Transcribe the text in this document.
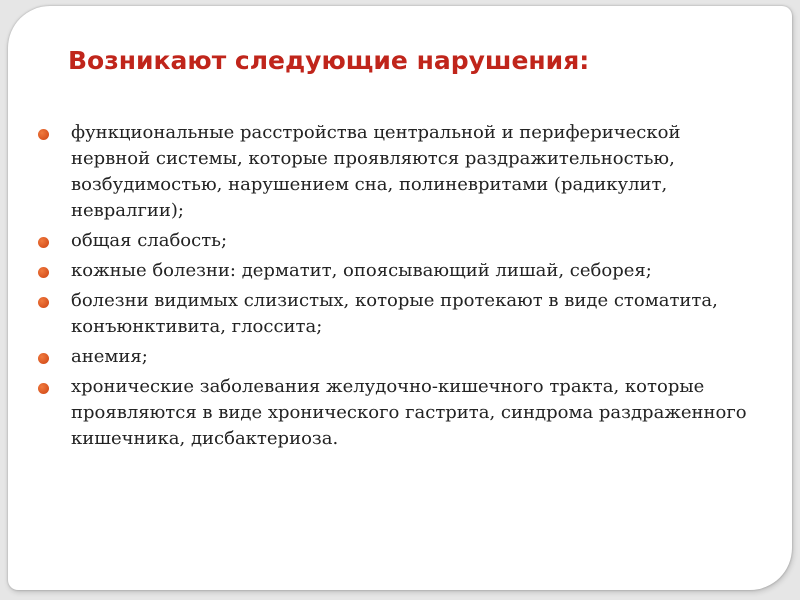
Возникают следующие нарушения:
функциональные расстройства центральной и периферической нервной системы, которые проявляются раздражительностью, возбудимостью, нарушением сна, полиневритами (радикулит, невралгии);
общая слабость;
кожные болезни: дерматит, опоясывающий лишай, себорея;
болезни видимых слизистых, которые протекают в виде стоматита, конъюнктивита, глоссита;
анемия;
хронические заболевания желудочно-кишечного тракта, которые проявляются в виде хронического гастрита, синдрома раздраженного кишечника, дисбактериоза.
